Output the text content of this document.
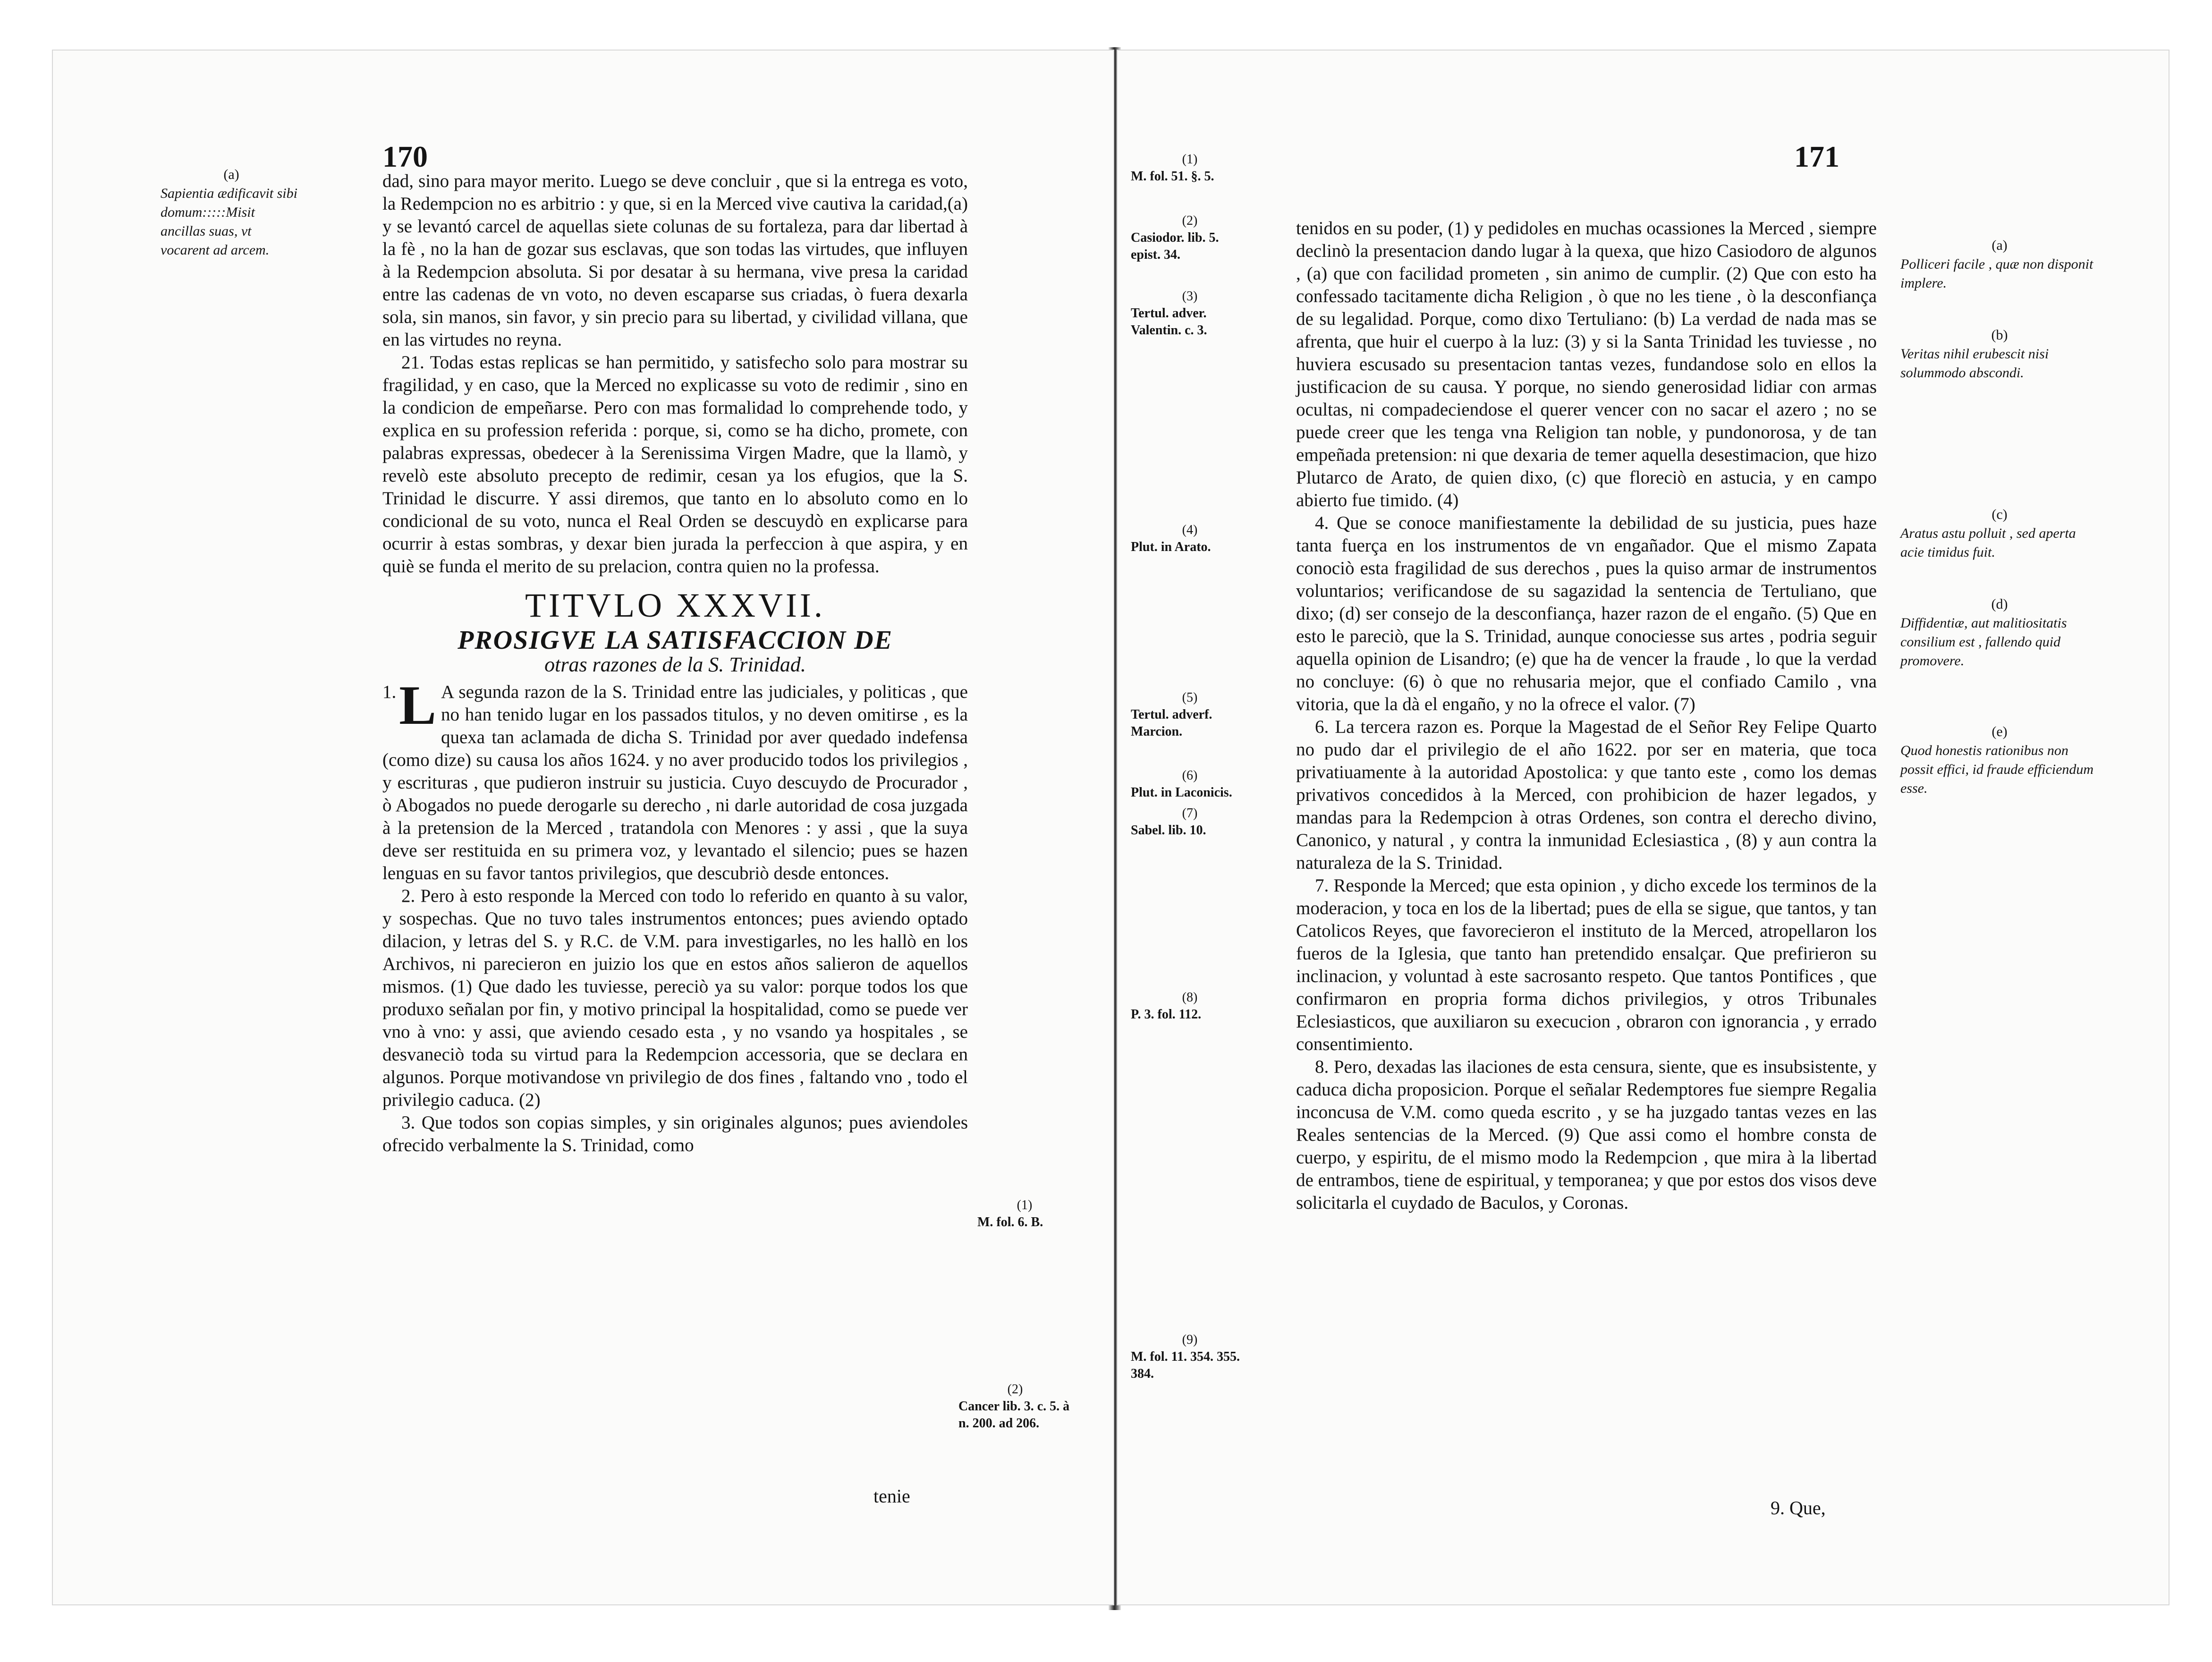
170
(a)
Sapientia ædificavit sibi domum:::::Misit ancillas suas, vt vocarent ad arcem.

dad, sino para mayor merito. Luego se deve concluir , que si la entrega es voto, la Redempcion no es arbitrio : y que, si en la Merced vive cautiva la caridad,(a) y se levantó carcel de aquellas siete colunas de su fortaleza, para dar libertad à la fè , no la han de gozar sus esclavas, que son todas las virtudes, que influyen à la Redempcion absoluta. Si por desatar à su hermana, vive presa la caridad entre las cadenas de vn voto, no deven escaparse sus criadas, ò fuera dexarla sola, sin manos, sin favor, y sin precio para su libertad, y civilidad villana, que en las virtudes no reyna.

21. Todas estas replicas se han permitido, y satisfecho solo para mostrar su fragilidad, y en caso, que la Merced no explicasse su voto de redimir , sino en la condicion de empeñarse. Pero con mas formalidad lo comprehende todo, y explica en su profession referida : porque, si, como se ha dicho, promete, con palabras expressas, obedecer à la Serenissima Virgen Madre, que la llamò, y revelò este absoluto precepto de redimir, cesan ya los efugios, que la S. Trinidad le discurre. Y assi diremos, que tanto en lo absoluto como en lo condicional de su voto, nunca el Real Orden se descuydò en explicarse para ocurrir à estas sombras, y dexar bien jurada la perfeccion à que aspira, y en quiè se funda el merito de su prelacion, contra quien no la professa.

TITVLO XXXVII.
PROSIGVE LA SATISFACCION DE
otras razones de la S. Trinidad.

1. L A segunda razon de la S. Trinidad entre las judiciales, y politicas , que no han tenido lugar en los passados titulos, y no deven omitirse , es la quexa tan aclamada de dicha S. Trinidad por aver quedado indefensa (como dize) su causa los años 1624. y no aver producido todos los privilegios , y escrituras , que pudieron instruir su justicia. Cuyo descuydo de Procurador , ò Abogados no puede derogarle su derecho , ni darle autoridad de cosa juzgada à la pretension de la Merced , tratandola con Menores : y assi , que la suya deve ser restituida en su primera voz, y levantado el silencio; pues se hazen lenguas en su favor tantos privilegios, que descubriò desde entonces.

2. Pero à esto responde la Merced con todo lo referido en quanto à su valor, y sospechas. Que no tuvo tales instrumentos entonces; pues aviendo optado dilacion, y letras del S. y R.C. de V.M. para investigarles, no les hallò en los Archivos, ni parecieron en juizio los que en estos años salieron de aquellos mismos. (1) Que dado les tuviesse, pereciò ya su valor: porque todos los que produxo señalan por fin, y motivo principal la hospitalidad, como se puede ver vno à vno: y assi, que aviendo cesado esta , y no vsando ya hospitales , se desvaneciò toda su virtud para la Redempcion accessoria, que se declara en algunos. Porque motivandose vn privilegio de dos fines , faltando vno , todo el privilegio caduca. (2)

3. Que todos son copias simples, y sin originales algunos; pues aviendoles ofrecido verbalmente la S. Trinidad, como

tenie
(1)
M. fol. 6. B.
(2)
Cancer lib. 3. c. 5. à n. 200. ad 206.
171
(1)
M. fol. 51. §. 5.
(2)
Casiodor. lib. 5. epist. 34.
(3)
Tertul. adver. Valentin. c. 3.
(4)
Plut. in Arato.
(5)
Tertul. adverf. Marcion.
(6)
Plut. in Laconicis.
(7)
Sabel. lib. 10.
(8)
P. 3. fol. 112.
(9)
M. fol. 11. 354. 355. 384.

tenidos en su poder, (1) y pedidoles en muchas ocassiones la Merced , siempre declinò la presentacion dando lugar à la quexa, que hizo Casiodoro de algunos , (a) que con facilidad prometen , sin animo de cumplir. (2) Que con esto ha confessado tacitamente dicha Religion , ò que no les tiene , ò la desconfiança de su legalidad. Porque, como dixo Tertuliano: (b) La verdad de nada mas se afrenta, que huir el cuerpo à la luz: (3) y si la Santa Trinidad les tuviesse , no huviera escusado su presentacion tantas vezes, fundandose solo en ellos la justificacion de su causa. Y porque, no siendo generosidad lidiar con armas ocultas, ni compadeciendose el querer vencer con no sacar el azero ; no se puede creer que les tenga vna Religion tan noble, y pundonorosa, y de tan empeñada pretension: ni que dexaria de temer aquella desestimacion, que hizo Plutarco de Arato, de quien dixo, (c) que floreciò en astucia, y en campo abierto fue timido. (4)

4. Que se conoce manifiestamente la debilidad de su justicia, pues haze tanta fuerça en los instrumentos de vn engañador. Que el mismo Zapata conociò esta fragilidad de sus derechos , pues la quiso armar de instrumentos voluntarios; verificandose de su sagazidad la sentencia de Tertuliano, que dixo; (d) ser consejo de la desconfiança, hazer razon de el engaño. (5) Que en esto le pareciò, que la S. Trinidad, aunque conociesse sus artes , podria seguir aquella opinion de Lisandro; (e) que ha de vencer la fraude , lo que la verdad no concluye: (6) ò que no rehusaria mejor, que el confiado Camilo , vna vitoria, que la dà el engaño, y no la ofrece el valor. (7)

6. La tercera razon es. Porque la Magestad de el Señor Rey Felipe Quarto no pudo dar el privilegio de el año 1622. por ser en materia, que toca privatiuamente à la autoridad Apostolica: y que tanto este , como los demas privativos concedidos à la Merced, con prohibicion de hazer legados, y mandas para la Redempcion à otras Ordenes, son contra el derecho divino, Canonico, y natural , y contra la inmunidad Eclesiastica , (8) y aun contra la naturaleza de la S. Trinidad.

7. Responde la Merced; que esta opinion , y dicho excede los terminos de la moderacion, y toca en los de la libertad; pues de ella se sigue, que tantos, y tan Catolicos Reyes, que favorecieron el instituto de la Merced, atropellaron los fueros de la Iglesia, que tanto han pretendido ensalçar. Que prefirieron su inclinacion, y voluntad à este sacrosanto respeto. Que tantos Pontifices , que confirmaron en propria forma dichos privilegios, y otros Tribunales Eclesiasticos, que auxiliaron su execucion , obraron con ignorancia , y errado consentimiento.

8. Pero, dexadas las ilaciones de esta censura, siente, que es insubsistente, y caduca dicha proposicion. Porque el señalar Redemptores fue siempre Regalia inconcusa de V.M. como queda escrito , y se ha juzgado tantas vezes en las Reales sentencias de la Merced. (9) Que assi como el hombre consta de cuerpo, y espiritu, de el mismo modo la Redempcion , que mira à la libertad de entrambos, tiene de espiritual, y temporanea; y que por estos dos visos deve solicitarla el cuydado de Baculos, y Coronas.

9. Que,
(a)
Polliceri facile , quæ non disponit implere.
(b)
Veritas nihil erubescit nisi solummodo abscondi.
(c)
Aratus astu polluit , sed aperta acie timidus fuit.
(d)
Diffidentiæ, aut malitiositatis consilium est , fallendo quid promovere.
(e)
Quod honestis rationibus non possit effici, id fraude efficiendum esse.
